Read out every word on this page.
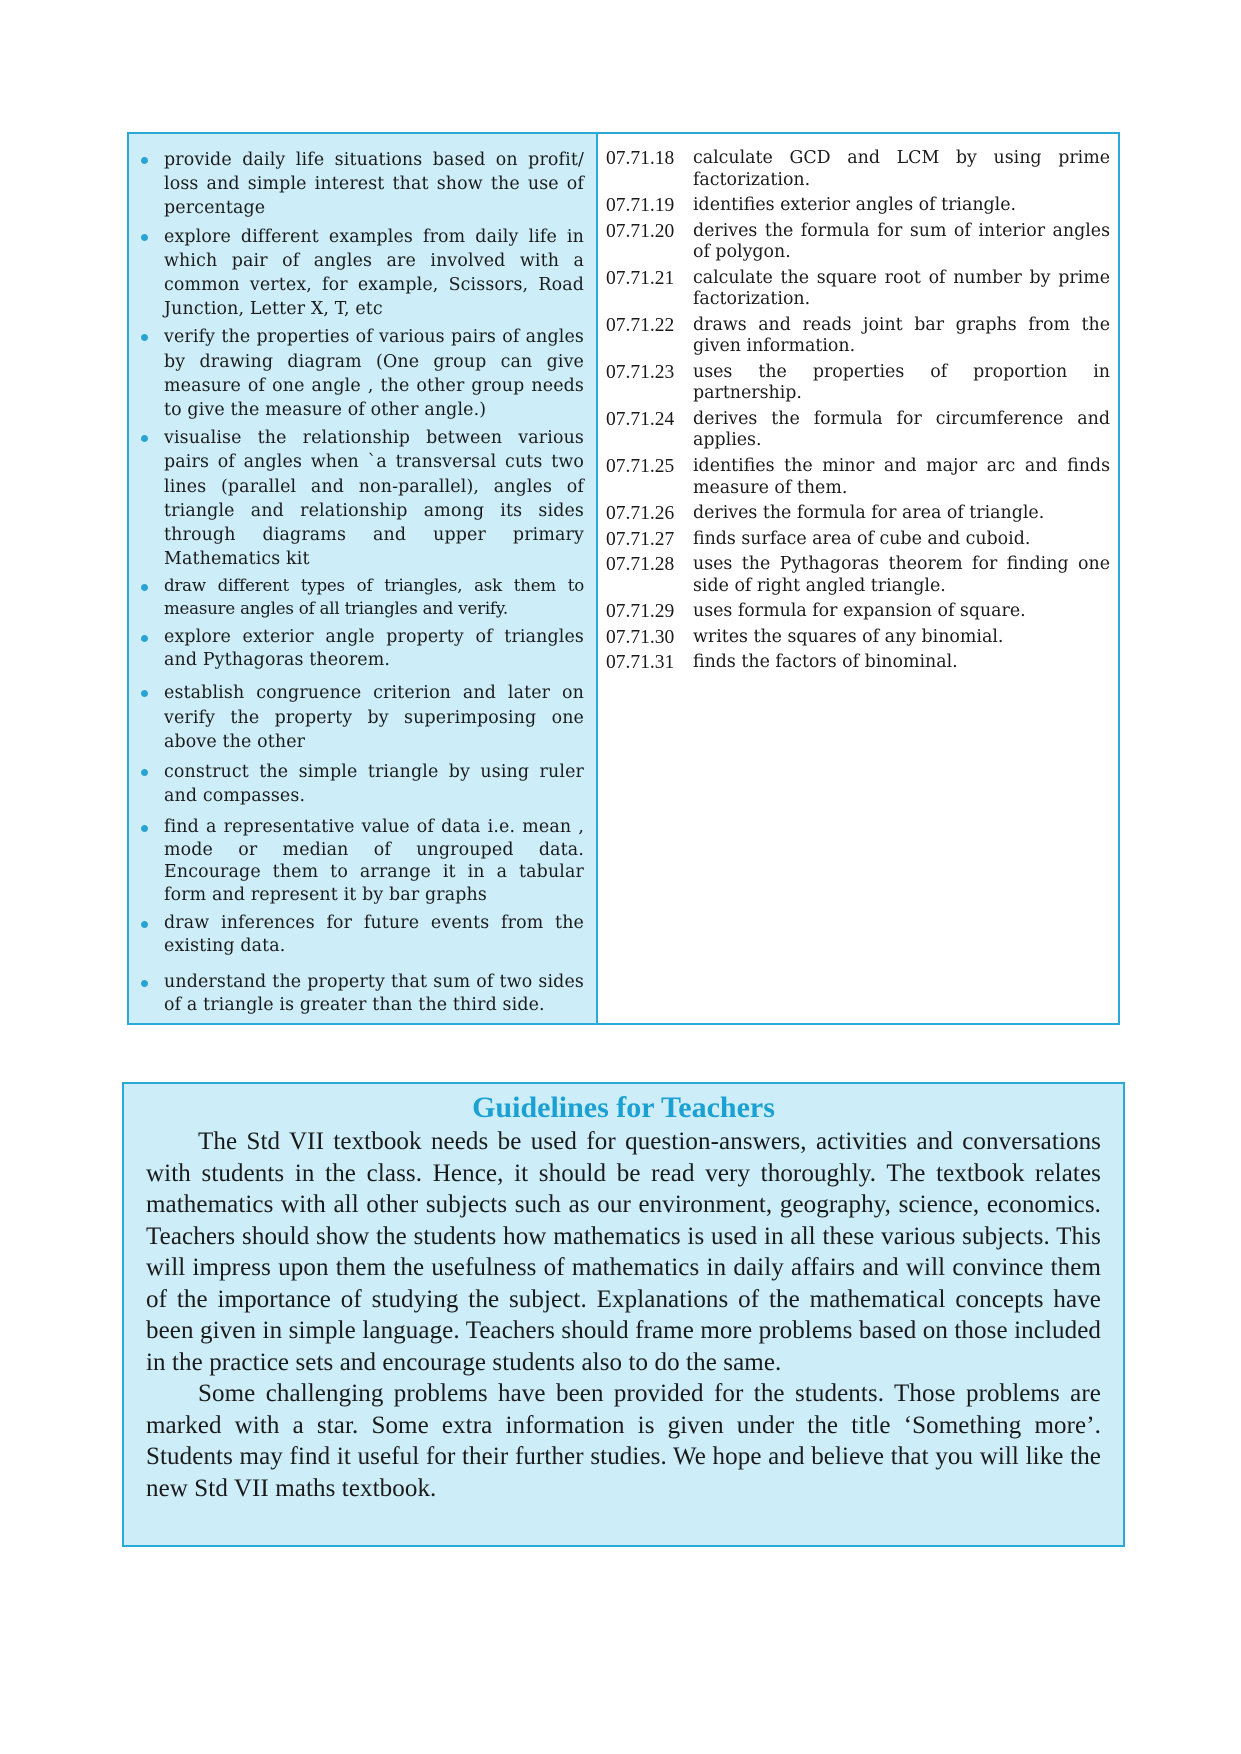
provide daily life situations based on profit/ loss and simple interest that show the use of percentage
explore different examples from daily life in which pair of angles are involved with a common vertex, for example, Scissors, Road Junction, Letter X, T, etc
verify the properties of various pairs of angles by drawing diagram (One group can give measure of one angle , the other group needs to give the measure of other angle.)
visualise the relationship between various pairs of angles when `a transversal cuts two lines (parallel and non-parallel), angles of triangle and relationship among its sides through diagrams and upper primary Mathematics kit
draw different types of triangles, ask them to measure angles of all triangles and verify.
explore exterior angle property of triangles and Pythagoras theorem.
establish congruence criterion and later on verify the property by superimposing one above the other
construct the simple triangle by using ruler and compasses.
find a representative value of data i.e. mean , mode or median of ungrouped data. Encourage them to arrange it in a tabular form and represent it by bar graphs
draw inferences for future events from the existing data.
understand the property that sum of two sides of a triangle is greater than the third side.
07.71.18	calculate GCD and LCM by using prime factorization.
07.71.19	identifies exterior angles of triangle.
07.71.20	derives the formula for sum of interior angles of polygon.
07.71.21	calculate the square root of number by prime factorization.
07.71.22	draws and reads joint bar graphs from the given information.
07.71.23	uses the properties of proportion in partnership.
07.71.24	derives the formula for circumference and applies.
07.71.25	identifies the minor and major arc and finds measure of them.
07.71.26	derives the formula for area of triangle.
07.71.27	finds surface area of cube and cuboid.
07.71.28	uses the Pythagoras theorem for finding one side of right angled triangle.
07.71.29	uses formula for expansion of square.
07.71.30	writes the squares of any binomial.
07.71.31	finds the factors of binominal.
Guidelines for Teachers

The Std VII textbook needs be used for question-answers, activities and conversations with students in the class. Hence, it should be read very thoroughly. The textbook relates mathematics with all other subjects such as our environment, geography, science, economics. Teachers should show the students how mathematics is used in all these various subjects. This will impress upon them the usefulness of mathematics in daily affairs and will convince them of the importance of studying the subject. Explanations of the mathematical concepts have been given in simple language. Teachers should frame more problems based on those included in the practice sets and encourage students also to do the same.

Some challenging problems have been provided for the students. Those problems are marked with a star. Some extra information is given under the title ‘Something more’. Students may find it useful for their further studies. We hope and believe that you will like the new Std VII maths textbook.
